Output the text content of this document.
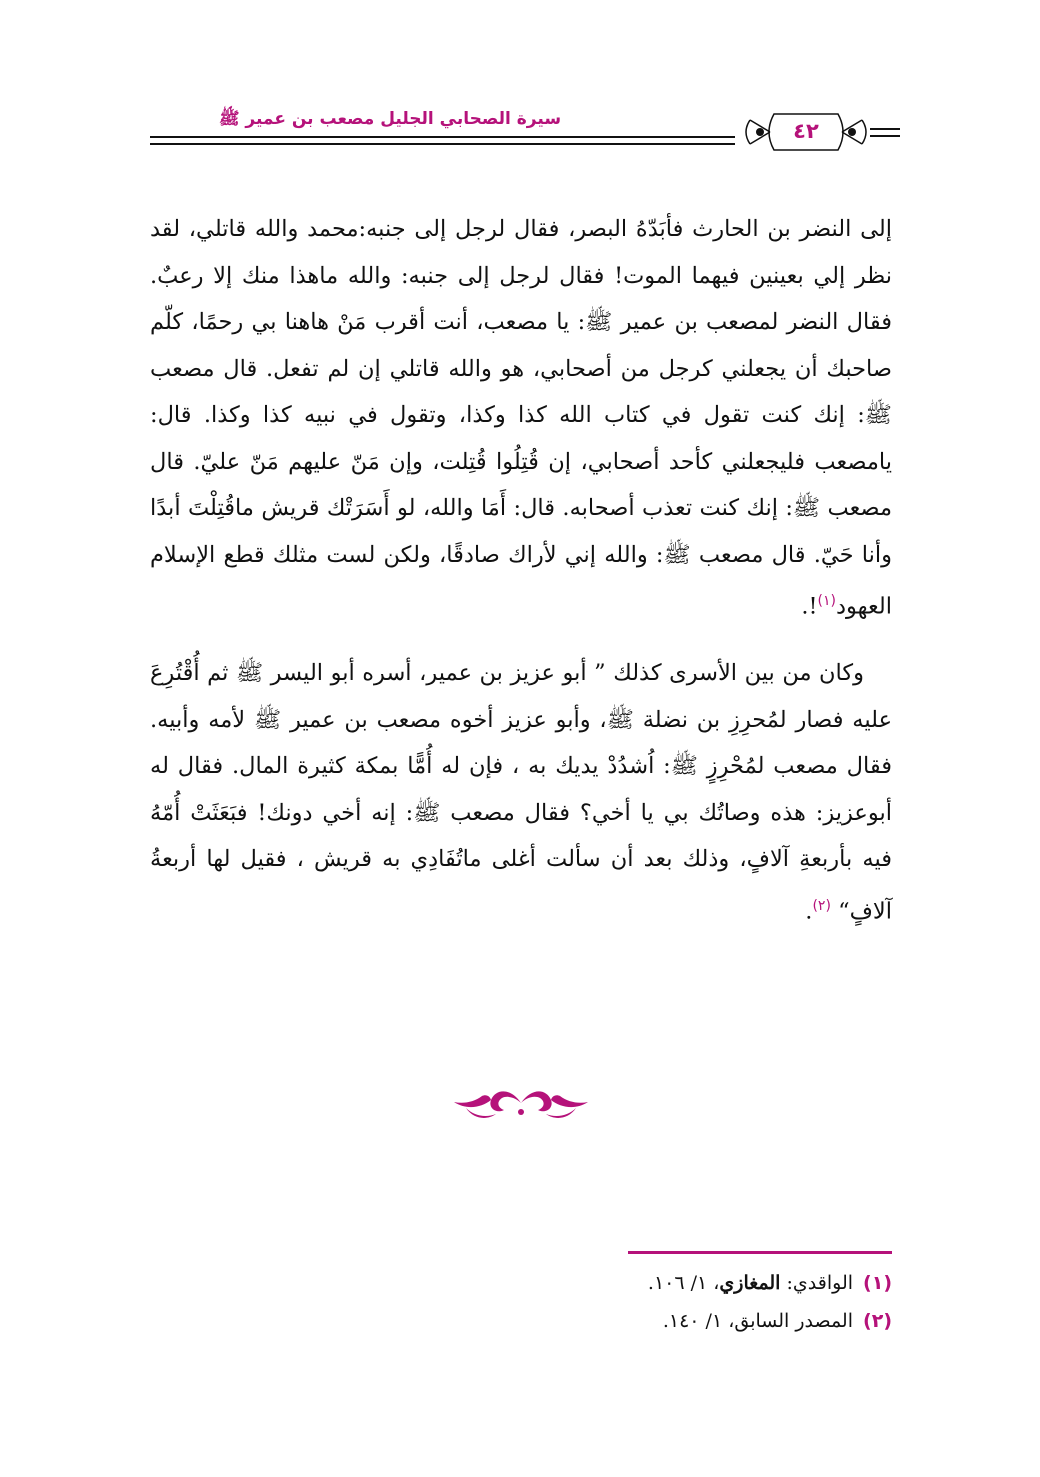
سيرة الصحابي الجليل مصعب بن عمير ﷺ	٤٢

إلى النضر بن الحارث فأبَدّهُ البصر، فقال لرجل إلى جنبه:محمد والله قاتلي، لقد نظر إلي بعينين فيهما الموت! فقال لرجل إلى جنبه: والله ماهذا منك إلا رعبٌ. فقال النضر لمصعب بن عمير ﷺ: يا مصعب، أنت أقرب مَنْ هاهنا بي رحمًا، كلّم صاحبك أن يجعلني كرجل من أصحابي، هو والله قاتلي إن لم تفعل. قال مصعب ﷺ: إنك كنت تقول في كتاب الله كذا وكذا، وتقول في نبيه كذا وكذا. قال: يامصعب فليجعلني كأحد أصحابي، إن قُتِلُوا قُتِلت، وإن مَنّ عليهم مَنّ عليّ. قال مصعب ﷺ: إنك كنت تعذب أصحابه. قال: أَمَا والله، لو أَسَرَتْك قريش ماقُتِلْتَ أبدًا وأنا حَيّ. قال مصعب ﷺ: والله إني لأراك صادقًا، ولكن لست مثلك قطع الإسلام العهود$^{(١)}$!.

وكان من بين الأسرى كذلك ” أبو عزيز بن عمير، أسره أبو اليسر ﷺ ثم أُقْتُرِعَ عليه فصار لمُحرِزِ بن نضلة ﷺ، وأبو عزيز أخوه مصعب بن عمير ﷺ لأمه وأبيه. فقال مصعب لمُحْرِزٍ ﷺ: اُشدُدْ يديك به ، فإن له أُمًّا بمكة كثيرة المال. فقال له أبوعزيز: هذه وصاتُك بي يا أخي؟ فقال مصعب ﷺ: إنه أخي دونك! فبَعَثَتْ أُمّهُ فيه بأربعةِ آلافٍ، وذلك بعد أن سألت أغلى ماتُفَادِي به قريش ، فقيل لها أربعةُ آلافٍ“ $^{(٢)}$.

(١)
الواقدي: المغازي، ١/ ١٠٦.
(٢)
المصدر السابق، ١/ ١٤٠.
